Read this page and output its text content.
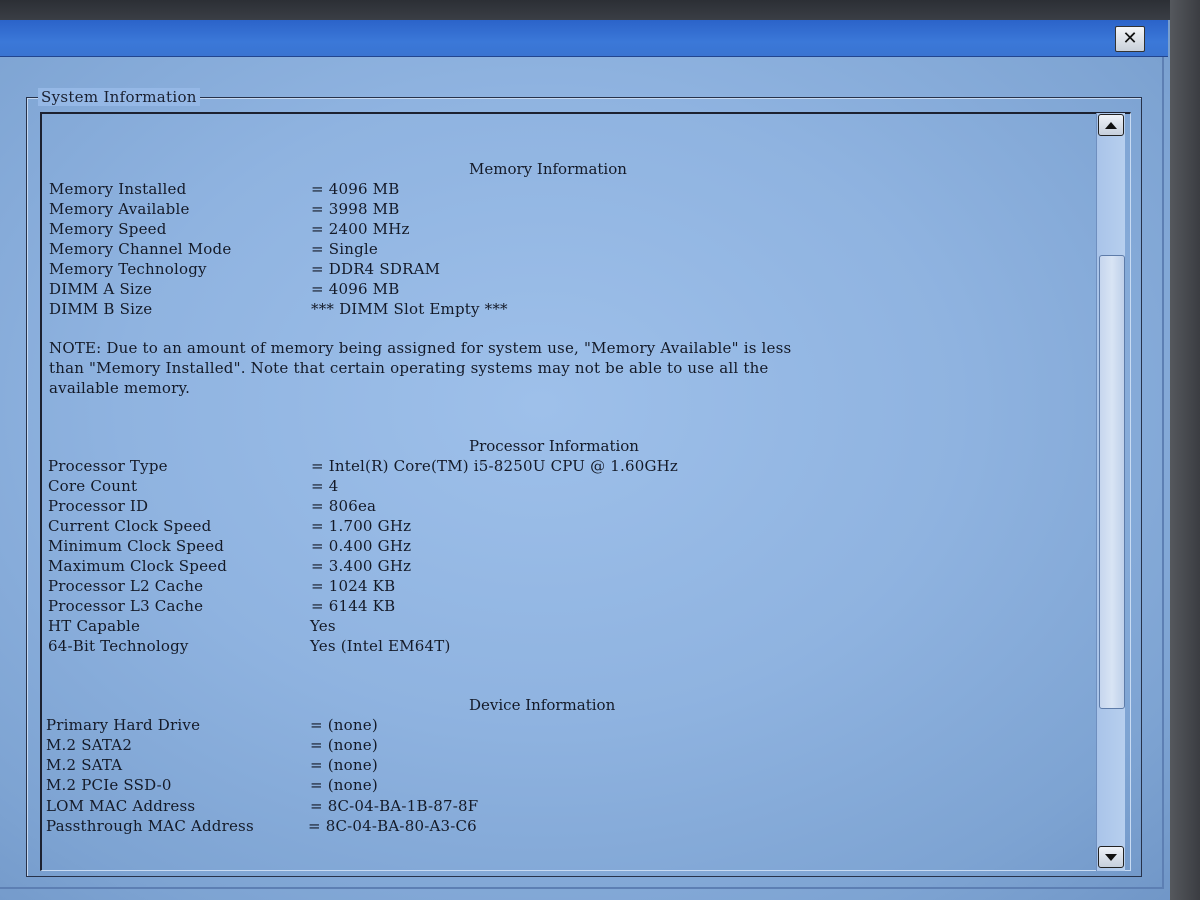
✕
System Information
Memory Information
Memory Installed	= 4096 MB
Memory Available	= 3998 MB
Memory Speed	= 2400 MHz
Memory Channel Mode	= Single
Memory Technology	= DDR4 SDRAM
DIMM A Size	= 4096 MB
DIMM B Size	*** DIMM Slot Empty ***
NOTE: Due to an amount of memory being assigned for system use, "Memory Available" is less
than "Memory Installed". Note that certain operating systems may not be able to use all the
available memory.
Processor Information
Processor Type	= Intel(R) Core(TM) i5-8250U CPU @ 1.60GHz
Core Count	= 4
Processor ID	= 806ea
Current Clock Speed	= 1.700 GHz
Minimum Clock Speed	= 0.400 GHz
Maximum Clock Speed	= 3.400 GHz
Processor L2 Cache	= 1024 KB
Processor L3 Cache	= 6144 KB
HT Capable	Yes
64-Bit Technology	Yes (Intel EM64T)
Device Information
Primary Hard Drive	= (none)
M.2 SATA2	= (none)
M.2 SATA	= (none)
M.2 PCIe SSD-0	= (none)
LOM MAC Address	= 8C-04-BA-1B-87-8F
Passthrough MAC Address	= 8C-04-BA-80-A3-C6
